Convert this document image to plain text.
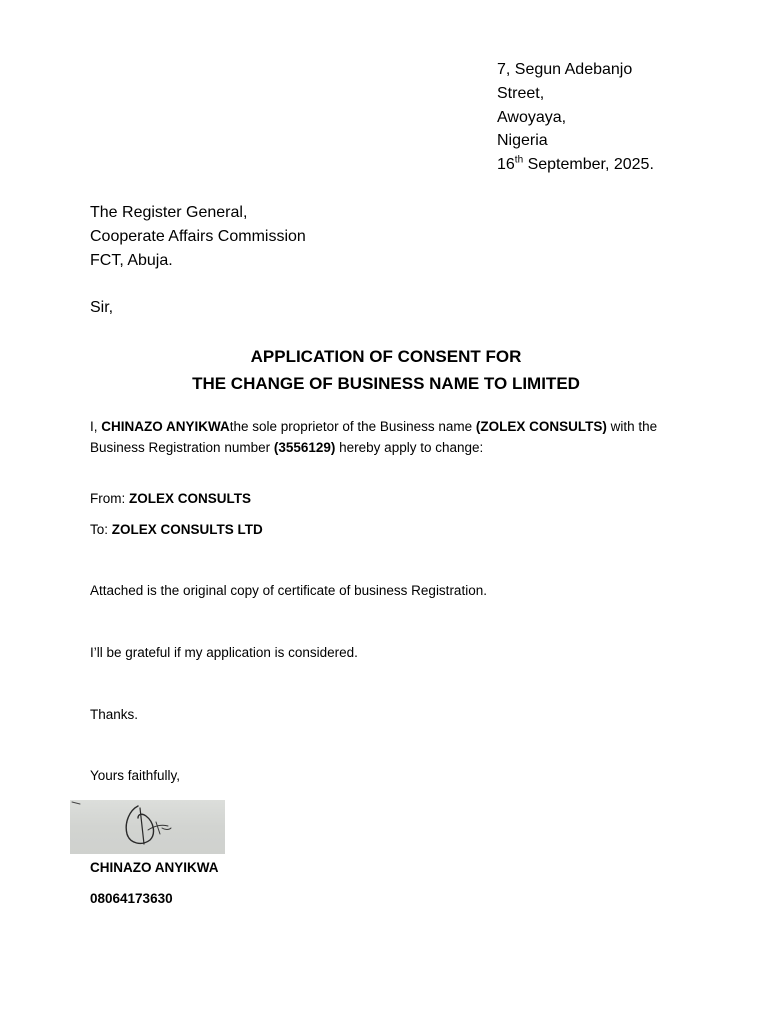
7, Segun Adebanjo
Street,
Awoyaya,
Nigeria
16th September, 2025.
The Register General,
Cooperate Affairs Commission
FCT, Abuja.
Sir,
APPLICATION OF CONSENT FOR
THE CHANGE OF BUSINESS NAME TO LIMITED
I, CHINAZO ANYIKWAthe sole proprietor of the Business name (ZOLEX CONSULTS) with the
Business Registration number (3556129) hereby apply to change:
From: ZOLEX CONSULTS
To: ZOLEX CONSULTS LTD
Attached is the original copy of certificate of business Registration.
I’ll be grateful if my application is considered.
Thanks.
Yours faithfully,
CHINAZO ANYIKWA
08064173630
